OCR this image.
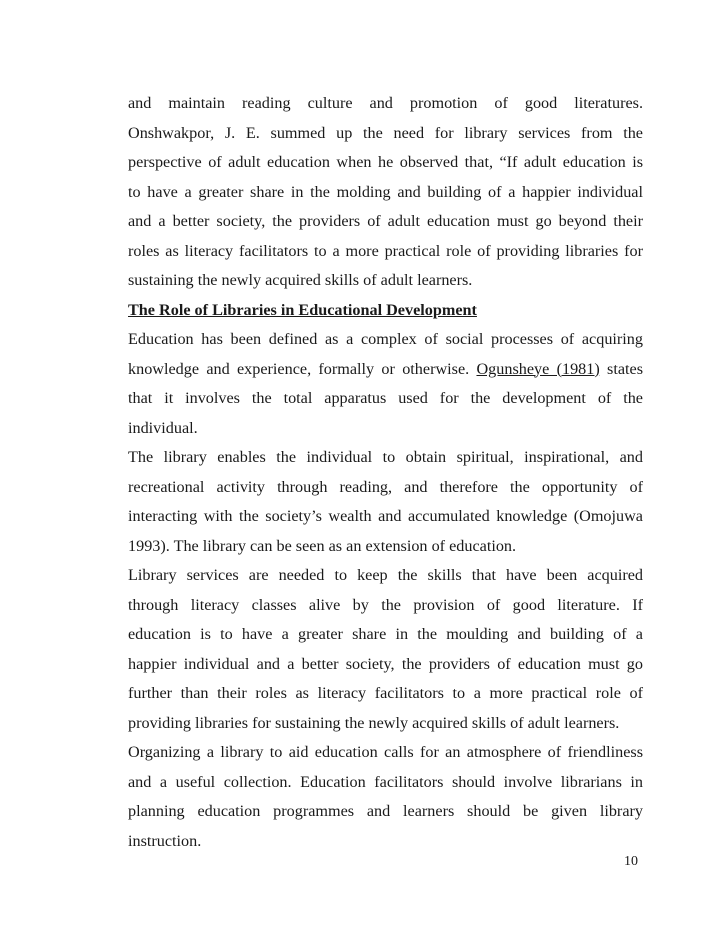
and maintain reading culture and promotion of good literatures.
Onshwakpor, J. E. summed up the need for library services from the
perspective of adult education when he observed that, “If adult education is
to have a greater share in the molding and building of a happier individual
and a better society, the providers of adult education must go beyond their
roles as literacy facilitators to a more practical role of providing libraries for
sustaining the newly acquired skills of adult learners.
The Role of Libraries in Educational Development
Education has been defined as a complex of social processes of acquiring
knowledge and experience, formally or otherwise. Ogunsheye (1981) states
that it involves the total apparatus used for the development of the
individual.
The library enables the individual to obtain spiritual, inspirational, and
recreational activity through reading, and therefore the opportunity of
interacting with the society’s wealth and accumulated knowledge (Omojuwa
1993). The library can be seen as an extension of education.
Library services are needed to keep the skills that have been acquired
through literacy classes alive by the provision of good literature. If
education is to have a greater share in the moulding and building of a
happier individual and a better society, the providers of education must go
further than their roles as literacy facilitators to a more practical role of
providing libraries for sustaining the newly acquired skills of adult learners.
Organizing a library to aid education calls for an atmosphere of friendliness
and a useful collection. Education facilitators should involve librarians in
planning education programmes and learners should be given library
instruction.
10
